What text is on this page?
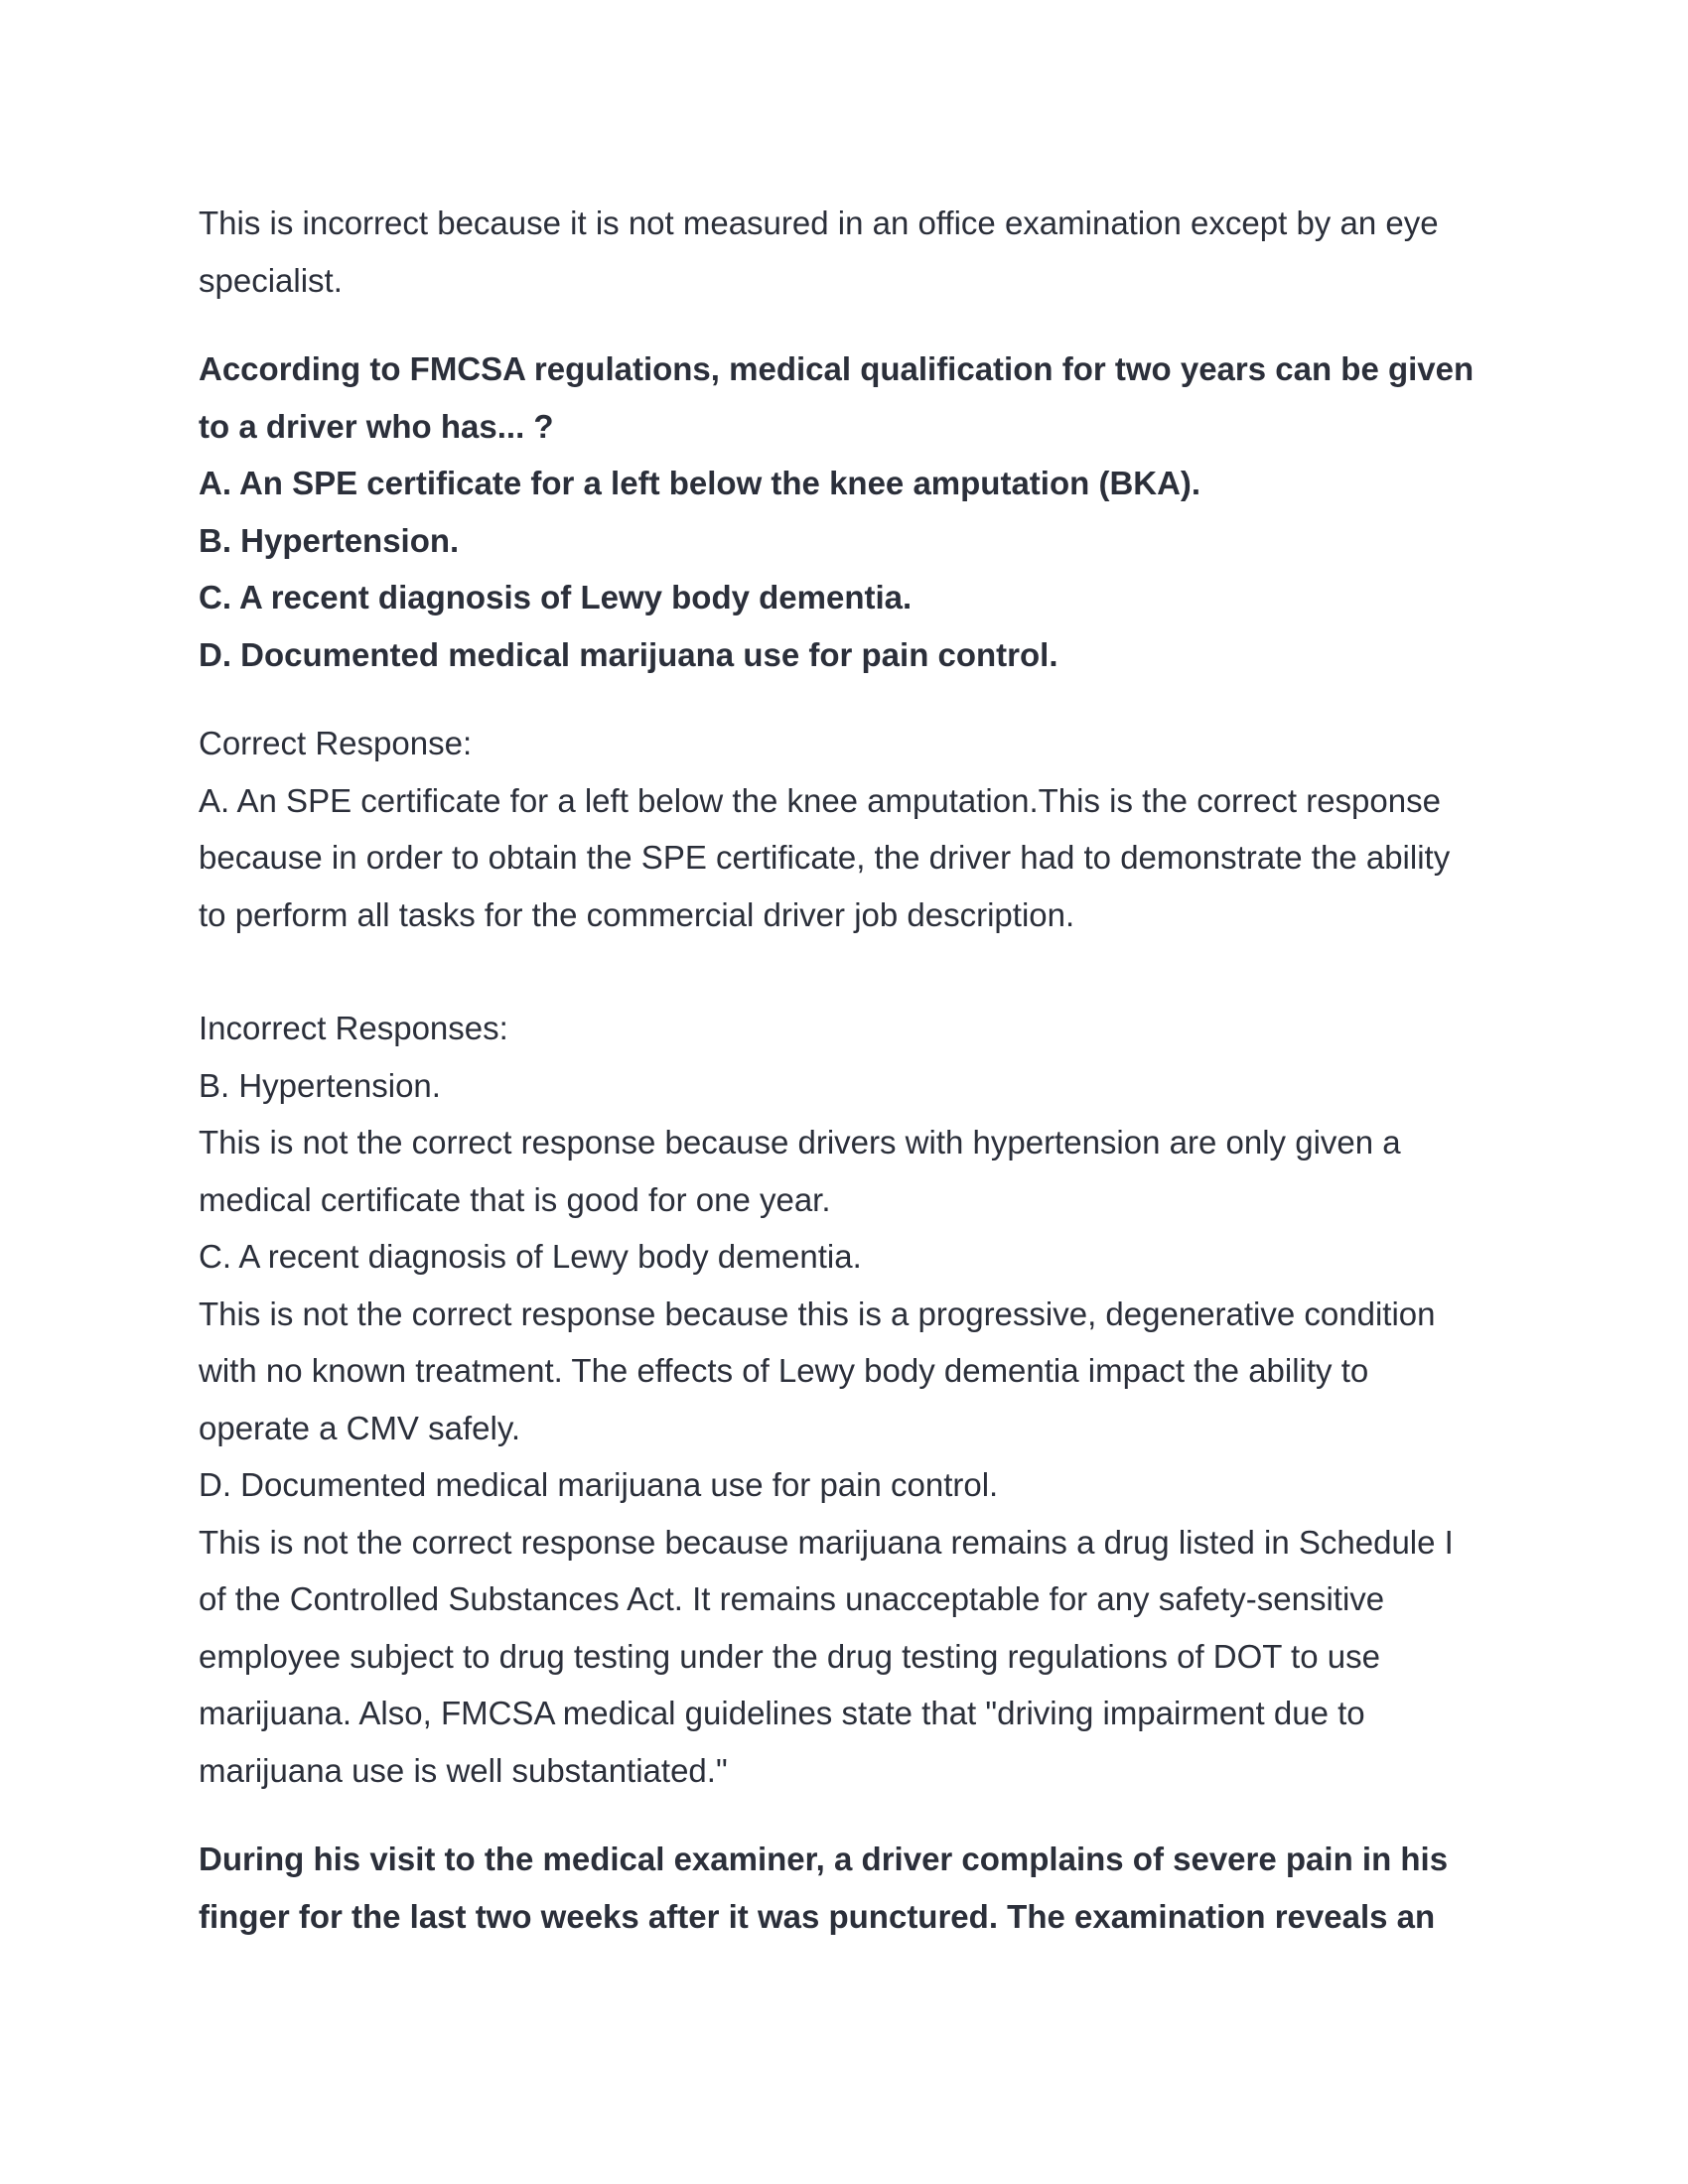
This is incorrect because it is not measured in an office examination except by an eye
specialist.
According to FMCSA regulations, medical qualification for two years can be given
to a driver who has... ?
A. An SPE certificate for a left below the knee amputation (BKA).
B. Hypertension.
C. A recent diagnosis of Lewy body dementia.
D. Documented medical marijuana use for pain control.
Correct Response:
A. An SPE certificate for a left below the knee amputation.This is the correct response
because in order to obtain the SPE certificate, the driver had to demonstrate the ability
to perform all tasks for the commercial driver job description.
Incorrect Responses:
B. Hypertension.
This is not the correct response because drivers with hypertension are only given a
medical certificate that is good for one year.
C. A recent diagnosis of Lewy body dementia.
This is not the correct response because this is a progressive, degenerative condition
with no known treatment. The effects of Lewy body dementia impact the ability to
operate a CMV safely.
D. Documented medical marijuana use for pain control.
This is not the correct response because marijuana remains a drug listed in Schedule I
of the Controlled Substances Act. It remains unacceptable for any safety-sensitive
employee subject to drug testing under the drug testing regulations of DOT to use
marijuana. Also, FMCSA medical guidelines state that "driving impairment due to
marijuana use is well substantiated."
During his visit to the medical examiner, a driver complains of severe pain in his
finger for the last two weeks after it was punctured. The examination reveals an
